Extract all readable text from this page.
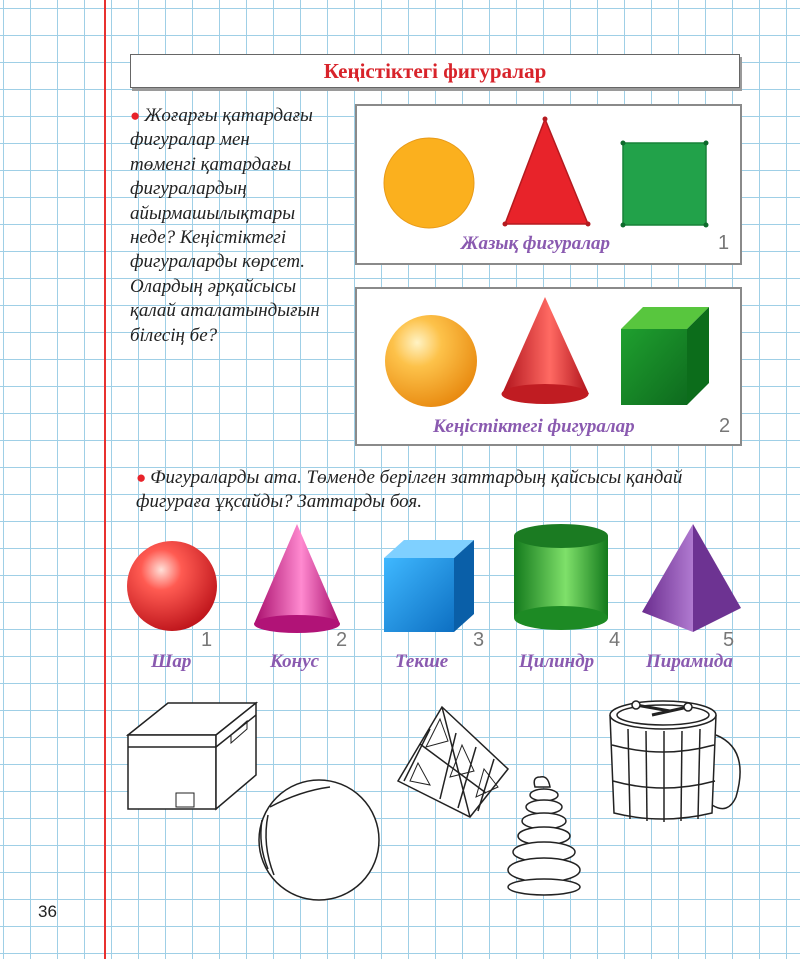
Кеңістіктегі фигуралар
● Жоғарғы қатардағы
фигуралар мен
төменгі қатардағы
фигуралардың
айырмашылықтары
неде? Кеңістіктегі
фигураларды көрсет.
Олардың әрқайсысы
қалай аталатындығын
білесің бе?
Жазық фигуралар	1
Кеңістіктегі фигуралар	2
● Фигураларды ата. Төменде берілген заттардың қайсысы қандай
фигураға ұқсайды? Заттарды боя.
1
Шар
2
Конус
3
Текше
4
Цилиндр
5
Пирамида
36
